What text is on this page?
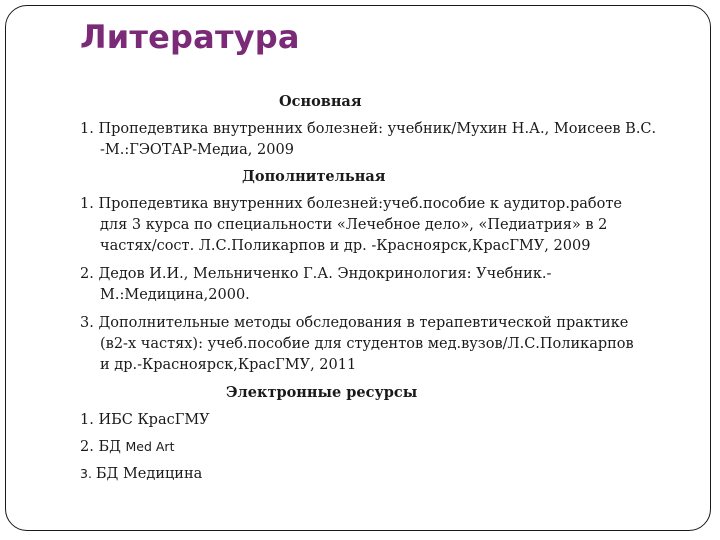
Литература
Основная
1. Пропедевтика внутренних болезней: учебник/Мухин Н.А., Моисеев В.С.
-М.:ГЭОТАР-Медиа, 2009
Дополнительная
1. Пропедевтика внутренних болезней:учеб.пособие к аудитор.работе
для 3 курса по специальности «Лечебное дело», «Педиатрия» в 2
частях/сост. Л.С.Поликарпов и др. -Красноярск,КрасГМУ, 2009
2. Дедов И.И., Мельниченко Г.А. Эндокринология: Учебник.-
М.:Медицина,2000.
3. Дополнительные методы обследования в терапевтической практике
(в2-х частях): учеб.пособие для студентов мед.вузов/Л.С.Поликарпов
и др.-Красноярск,КрасГМУ, 2011
Электронные ресурсы
1. ИБС КрасГМУ
2. БД Med Art
3. БД Медицина
